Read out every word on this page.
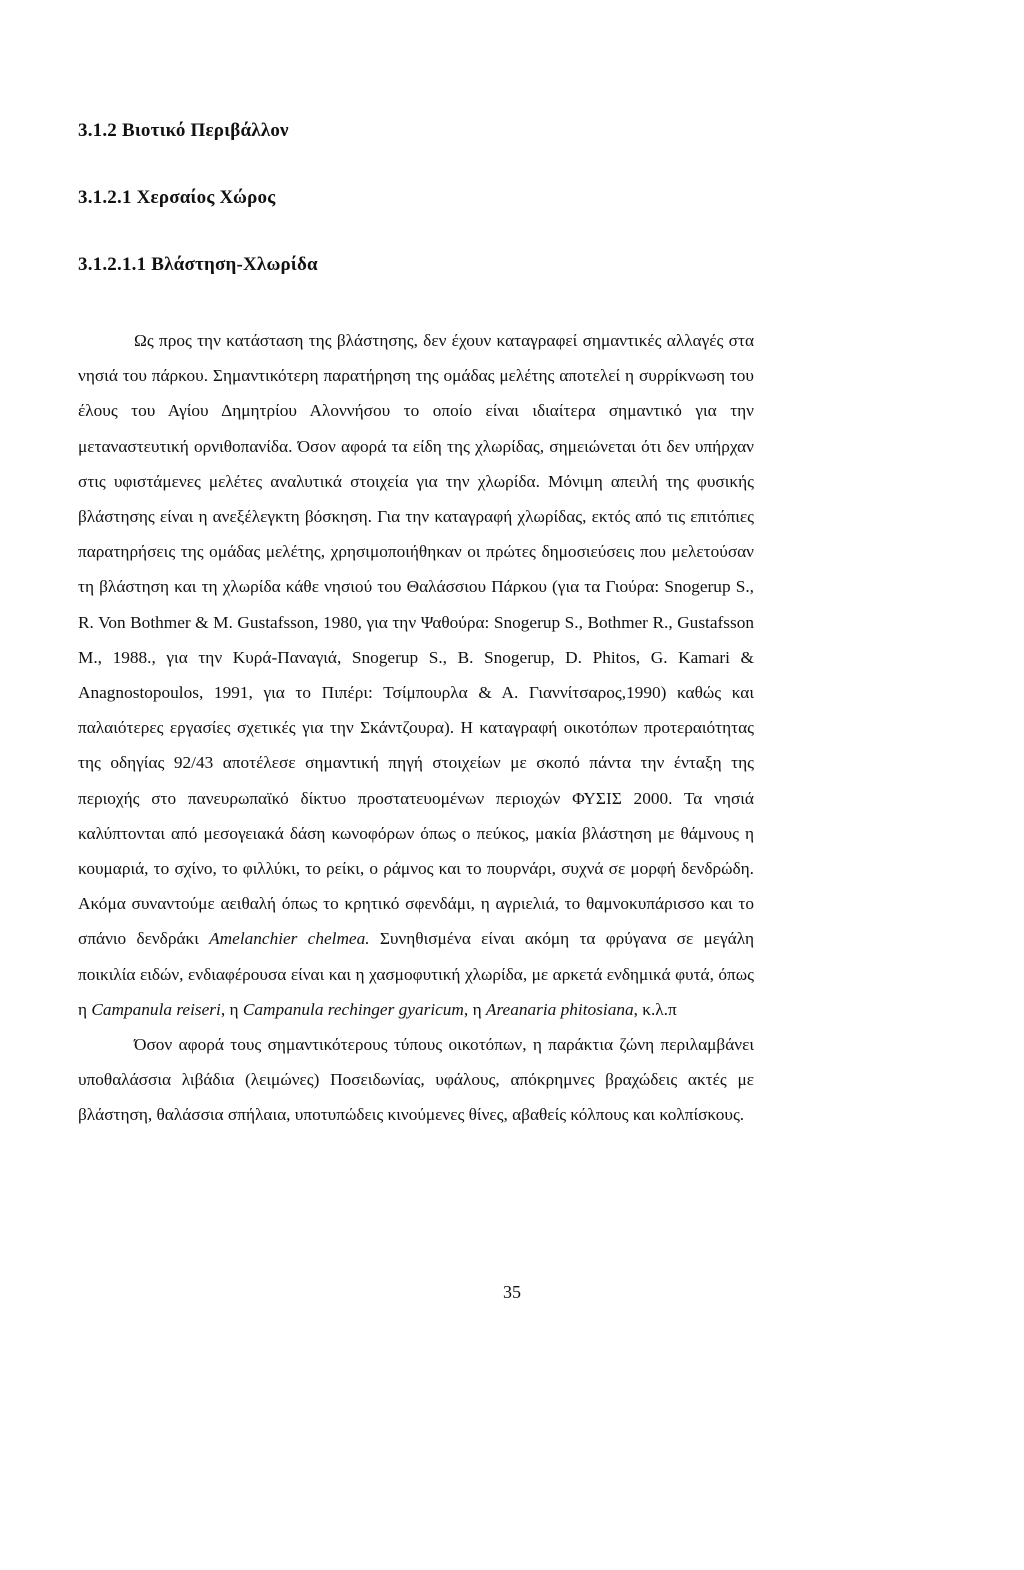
3.1.2 Βιοτικό Περιβάλλον
3.1.2.1 Χερσαίος Χώρος
3.1.2.1.1 Βλάστηση-Χλωρίδα

Ως προς την κατάσταση της βλάστησης, δεν έχουν καταγραφεί σημαντικές αλλαγές στα νησιά του πάρκου. Σημαντικότερη παρατήρηση της ομάδας μελέτης αποτελεί η συρρίκνωση του έλους του Αγίου Δημητρίου Αλοννήσου το οποίο είναι ιδιαίτερα σημαντικό για την μεταναστευτική ορνιθοπανίδα. Όσον αφορά τα είδη της χλωρίδας, σημειώνεται ότι δεν υπήρχαν στις υφιστάμενες μελέτες αναλυτικά στοιχεία για την χλωρίδα. Μόνιμη απειλή της φυσικής βλάστησης είναι η ανεξέλεγκτη βόσκηση. Για την καταγραφή χλωρίδας, εκτός από τις επιτόπιες παρατηρήσεις της ομάδας μελέτης, χρησιμοποιήθηκαν οι πρώτες δημοσιεύσεις που μελετούσαν τη βλάστηση και τη χλωρίδα κάθε νησιού του Θαλάσσιου Πάρκου (για τα Γιούρα: Snogerup S., R. Von Bothmer & M. Gustafsson, 1980, για την Ψαθούρα: Snogerup S., Bothmer R., Gustafsson M., 1988., για την Κυρά-Παναγιά, Snogerup S., B. Snogerup, D. Phitos, G. Kamari & Anagnostopoulos, 1991, για το Πιπέρι: Τσίμπουρλα & Α. Γιαννίτσαρος,1990) καθώς και παλαιότερες εργασίες σχετικές για την Σκάντζουρα). Η καταγραφή οικοτόπων προτεραιότητας της οδηγίας 92/43 αποτέλεσε σημαντική πηγή στοιχείων με σκοπό πάντα την ένταξη της περιοχής στο πανευρωπαϊκό δίκτυο προστατευομένων περιοχών ΦΥΣΙΣ 2000. Τα νησιά καλύπτονται από μεσογειακά δάση κωνοφόρων όπως ο πεύκος, μακία βλάστηση με θάμνους η κουμαριά, το σχίνο, το φιλλύκι, το ρείκι, ο ράμνος και το πουρνάρι, συχνά σε μορφή δενδρώδη. Ακόμα συναντούμε αειθαλή όπως το κρητικό σφενδάμι, η αγριελιά, το θαμνοκυπάρισσο και το σπάνιο δενδράκι Amelanchier chelmea. Συνηθισμένα είναι ακόμη τα φρύγανα σε μεγάλη ποικιλία ειδών, ενδιαφέρουσα είναι και η χασμοφυτική χλωρίδα, με αρκετά ενδημικά φυτά, όπως η Campanula reiseri, η Campanula rechinger gyaricum, η Areanaria phitosiana, κ.λ.π

Όσον αφορά τους σημαντικότερους τύπους οικοτόπων, η παράκτια ζώνη περιλαμβάνει υποθαλάσσια λιβάδια (λειμώνες) Ποσειδωνίας, υφάλους, απόκρημνες βραχώδεις ακτές με βλάστηση, θαλάσσια σπήλαια, υποτυπώδεις κινούμενες θίνες, αβαθείς κόλπους και κολπίσκους.

35
